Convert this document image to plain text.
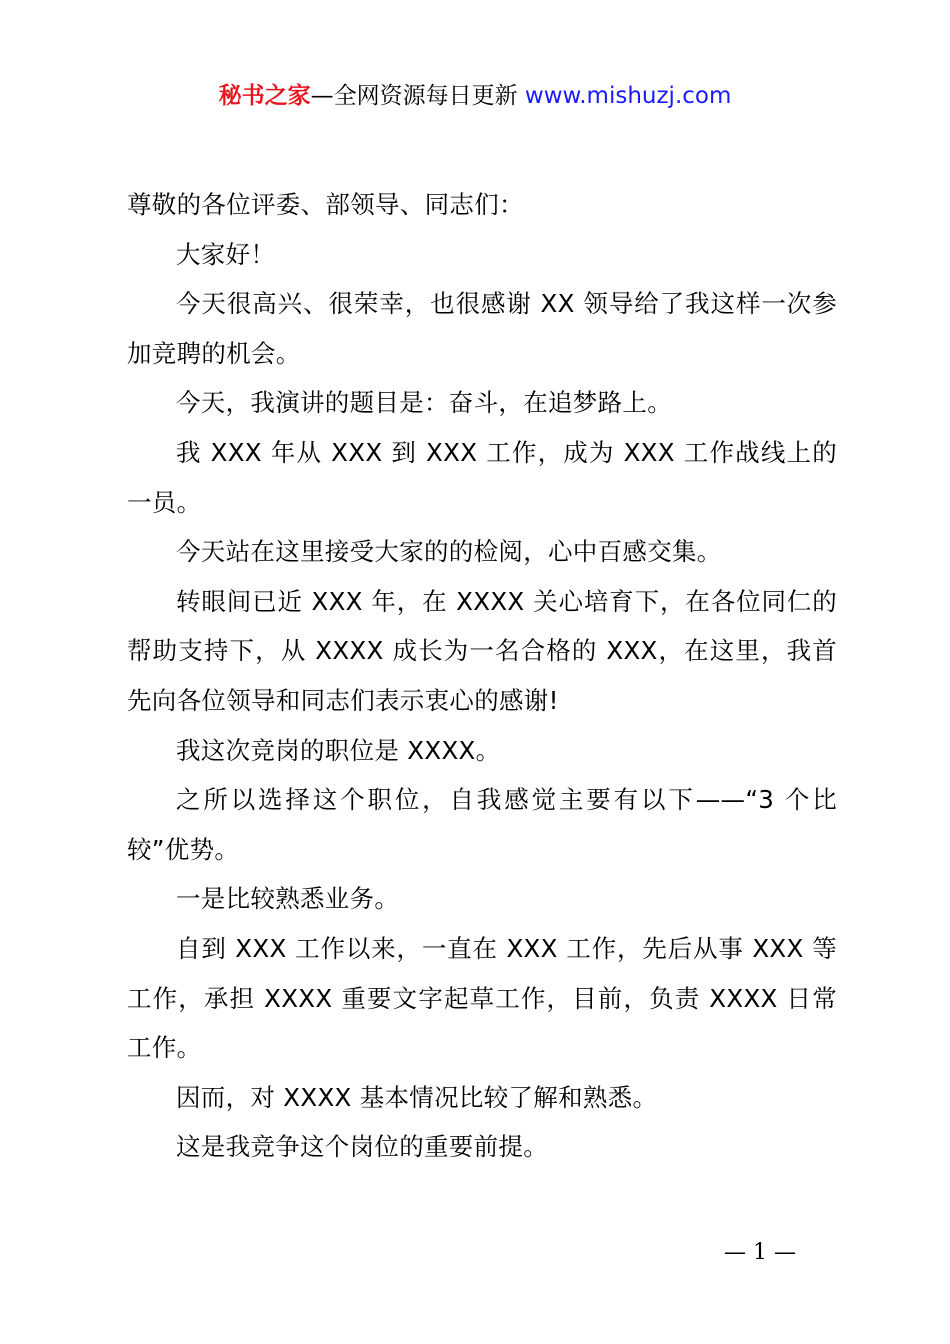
秘书之家—全网资源每日更新 www.mishuzj.com

尊敬的各位评委、部领导、同志们：

大家好！

今天很高兴、很荣幸，也很感谢 XX 领导给了我这样一次参加竞聘的机会。

今天，我演讲的题目是：奋斗，在追梦路上。

我 XXX 年从 XXX 到 XXX 工作，成为 XXX 工作战线上的一员。

今天站在这里接受大家的的检阅，心中百感交集。

转眼间已近 XXX 年，在 XXXX 关心培育下，在各位同仁的帮助支持下，从 XXXX 成长为一名合格的 XXX，在这里，我首先向各位领导和同志们表示衷心的感谢!

我这次竞岗的职位是 XXXX。

之所以选择这个职位，自我感觉主要有以下——“3 个比较”优势。

一是比较熟悉业务。

自到 XXX 工作以来，一直在 XXX 工作，先后从事 XXX 等工作，承担 XXXX 重要文字起草工作，目前，负责 XXXX 日常工作。

因而，对 XXXX 基本情况比较了解和熟悉。

这是我竞争这个岗位的重要前提。

— 1 —
